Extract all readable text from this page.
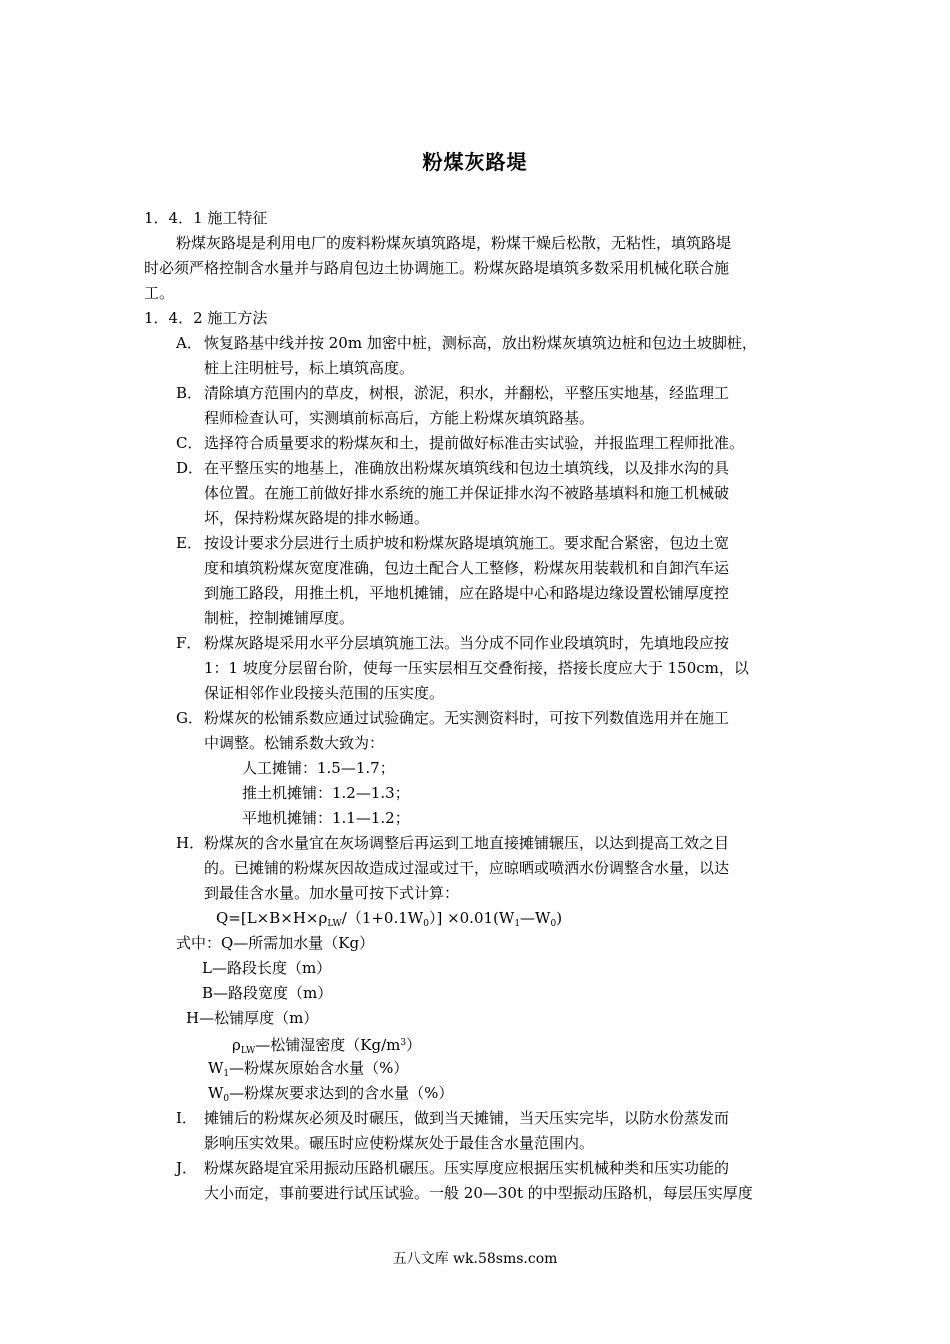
粉煤灰路堤
1．4．1 施工特征
粉煤灰路堤是利用电厂的废料粉煤灰填筑路堤，粉煤干燥后松散，无粘性，填筑路堤
时必须严格控制含水量并与路肩包边土协调施工。粉煤灰路堤填筑多数采用机械化联合施
工。
1．4．2 施工方法
A． 恢复路基中线并按 20m 加密中桩，测标高，放出粉煤灰填筑边桩和包边土坡脚桩，
桩上注明桩号，标上填筑高度。
B． 清除填方范围内的草皮，树根，淤泥，积水，并翻松，平整压实地基，经监理工
程师检查认可，实测填前标高后，方能上粉煤灰填筑路基。
C． 选择符合质量要求的粉煤灰和土，提前做好标准击实试验，并报监理工程师批准。
D．在平整压实的地基上，准确放出粉煤灰填筑线和包边土填筑线，以及排水沟的具
体位置。在施工前做好排水系统的施工并保证排水沟不被路基填料和施工机械破
坏，保持粉煤灰路堤的排水畅通。
E． 按设计要求分层进行土质护坡和粉煤灰路堤填筑施工。要求配合紧密，包边土宽
度和填筑粉煤灰宽度准确，包边土配合人工整修，粉煤灰用装载机和自卸汽车运
到施工路段，用推土机，平地机摊铺，应在路堤中心和路堤边缘设置松铺厚度控
制桩，控制摊铺厚度。
F． 粉煤灰路堤采用水平分层填筑施工法。当分成不同作业段填筑时，先填地段应按
1：1 坡度分层留台阶，使每一压实层相互交叠衔接，搭接长度应大于 150cm，以
保证相邻作业段接头范围的压实度。
G．粉煤灰的松铺系数应通过试验确定。无实测资料时，可按下列数值选用并在施工
中调整。松铺系数大致为：
人工摊铺：1.5—1.7；
推土机摊铺：1.2—1.3；
平地机摊铺：1.1—1.2；
H．粉煤灰的含水量宜在灰场调整后再运到工地直接摊铺辗压，以达到提高工效之目
的。已摊铺的粉煤灰因故造成过湿或过干，应晾晒或喷洒水份调整含水量，以达
到最佳含水量。加水量可按下式计算：
$Q=[L\times B\times H\times\rho_{LW}/(1+0.1W_0)]$ $\times 0.01(W_1—W_0)$
式中：Q—所需加水量（Kg）
L—路段长度（m）
B—路段宽度（m）
H—松铺厚度（m）
$\rho_{LW}—$松铺湿密度$(Kg/m^3)$
$W_1—$粉煤灰原始含水量（%）
$W_0—$粉煤灰要求达到的含水量（%）
I． 摊铺后的粉煤灰必须及时碾压，做到当天摊铺，当天压实完毕，以防水份蒸发而
影响压实效果。碾压时应使粉煤灰处于最佳含水量范围内。
J． 粉煤灰路堤宜采用振动压路机碾压。压实厚度应根据压实机械种类和压实功能的
大小而定，事前要进行试压试验。一般 20—30t 的中型振动压路机，每层压实厚度
五八文库 wk.58sms.com
